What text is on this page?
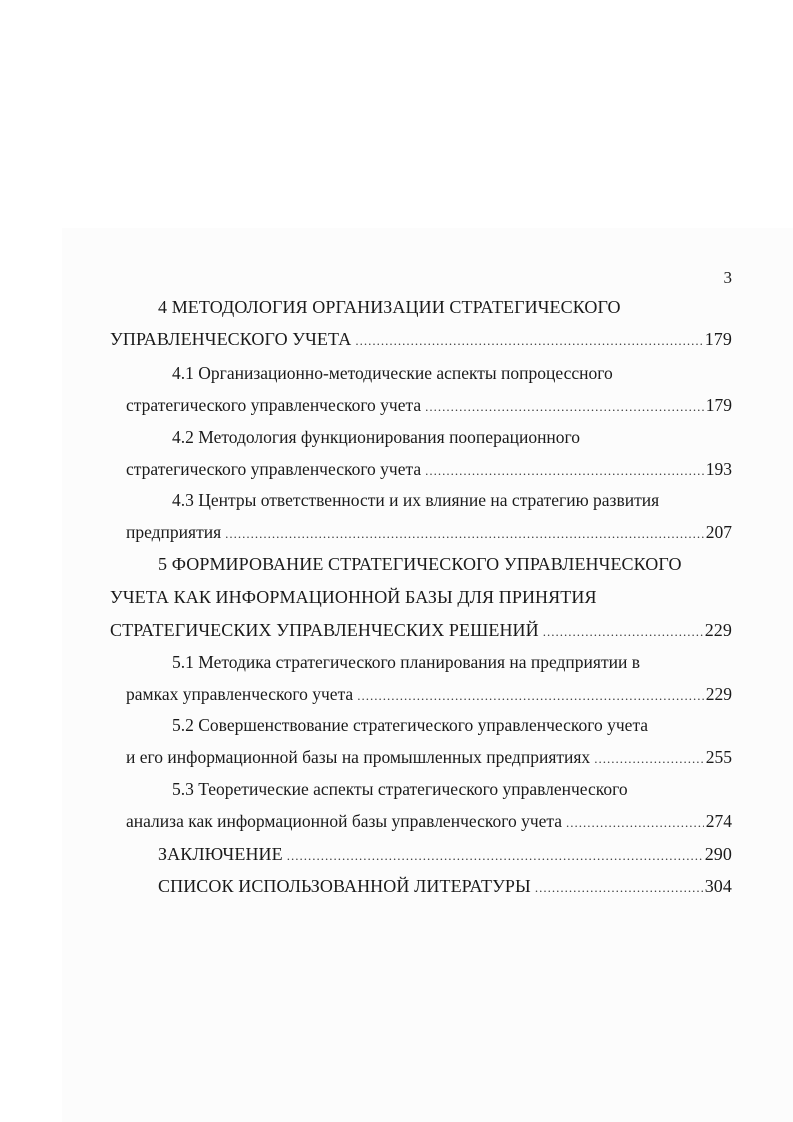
3
4 МЕТОДОЛОГИЯ ОРГАНИЗАЦИИ СТРАТЕГИЧЕСКОГО
УПРАВЛЕНЧЕСКОГО УЧЕТА .....	179
4.1 Организационно-методические аспекты попроцессного
стратегического управленческого учета .....	179
4.2 Методология функционирования пооперационного
стратегического управленческого учета .....	193
4.3 Центры ответственности и их влияние на стратегию развития
предприятия .....	207
5 ФОРМИРОВАНИЕ СТРАТЕГИЧЕСКОГО УПРАВЛЕНЧЕСКОГО
УЧЕТА КАК ИНФОРМАЦИОННОЙ БАЗЫ ДЛЯ ПРИНЯТИЯ
СТРАТЕГИЧЕСКИХ УПРАВЛЕНЧЕСКИХ РЕШЕНИЙ .....	229
5.1 Методика стратегического планирования на предприятии в
рамках управленческого учета .....	229
5.2 Совершенствование стратегического управленческого учета
и его информационной базы на промышленных предприятиях .....	255
5.3 Теоретические аспекты стратегического управленческого
анализа как информационной базы управленческого учета .....	274
ЗАКЛЮЧЕНИЕ .....	290
СПИСОК ИСПОЛЬЗОВАННОЙ ЛИТЕРАТУРЫ .....	304
